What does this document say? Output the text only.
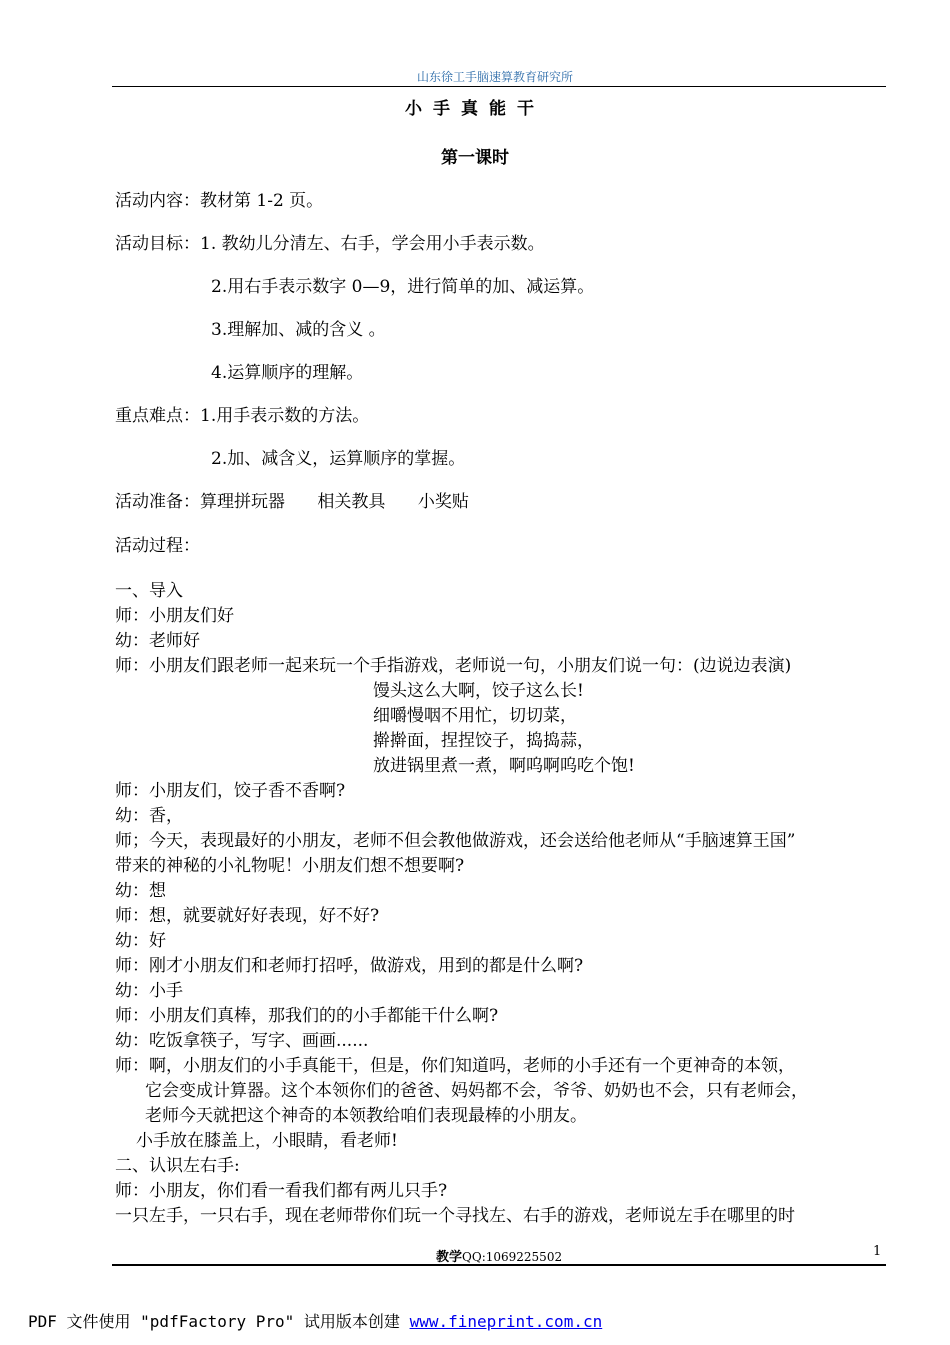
山东徐工手脑速算教育研究所
小手真能干
第一课时
活动内容：教材第 1-2 页。
活动目标：1. 教幼儿分清左、右手，学会用小手表示数。
2.用右手表示数字 0—9，进行简单的加、减运算。
3.理解加、减的含义 。
4.运算顺序的理解。
重点难点：1.用手表示数的方法。
2.加、减含义，运算顺序的掌握。
活动准备：算理拼玩器      相关教具      小奖贴
活动过程：
一、导入
师：小朋友们好
幼：老师好
师：小朋友们跟老师一起来玩一个手指游戏，老师说一句，小朋友们说一句：(边说边表演)
馒头这么大啊，饺子这么长!
细嚼慢咽不用忙，切切菜，
擀擀面，捏捏饺子，捣捣蒜，
放进锅里煮一煮，啊呜啊呜吃个饱!
师：小朋友们，饺子香不香啊?
幼：香，
师；今天，表现最好的小朋友，老师不但会教他做游戏，还会送给他老师从“手脑速算王国”
带来的神秘的小礼物呢！小朋友们想不想要啊?
幼：想
师：想，就要就好好表现，好不好?
幼：好
师：刚才小朋友们和老师打招呼，做游戏，用到的都是什么啊?
幼：小手
师：小朋友们真棒，那我们的的小手都能干什么啊?
幼：吃饭拿筷子，写字、画画......
师：啊，小朋友们的小手真能干，但是，你们知道吗，老师的小手还有一个更神奇的本领，
它会变成计算器。这个本领你们的爸爸、妈妈都不会，爷爷、奶奶也不会，只有老师会，
老师今天就把这个神奇的本领教给咱们表现最棒的小朋友。
小手放在膝盖上，小眼睛，看老师!
二、认识左右手:
师：小朋友，你们看一看我们都有两儿只手?
一只左手，一只右手，现在老师带你们玩一个寻找左、右手的游戏，老师说左手在哪里的时
教学QQ:1069225502	1
PDF 文件使用 "pdfFactory Pro" 试用版本创建 www.fineprint.com.cn
